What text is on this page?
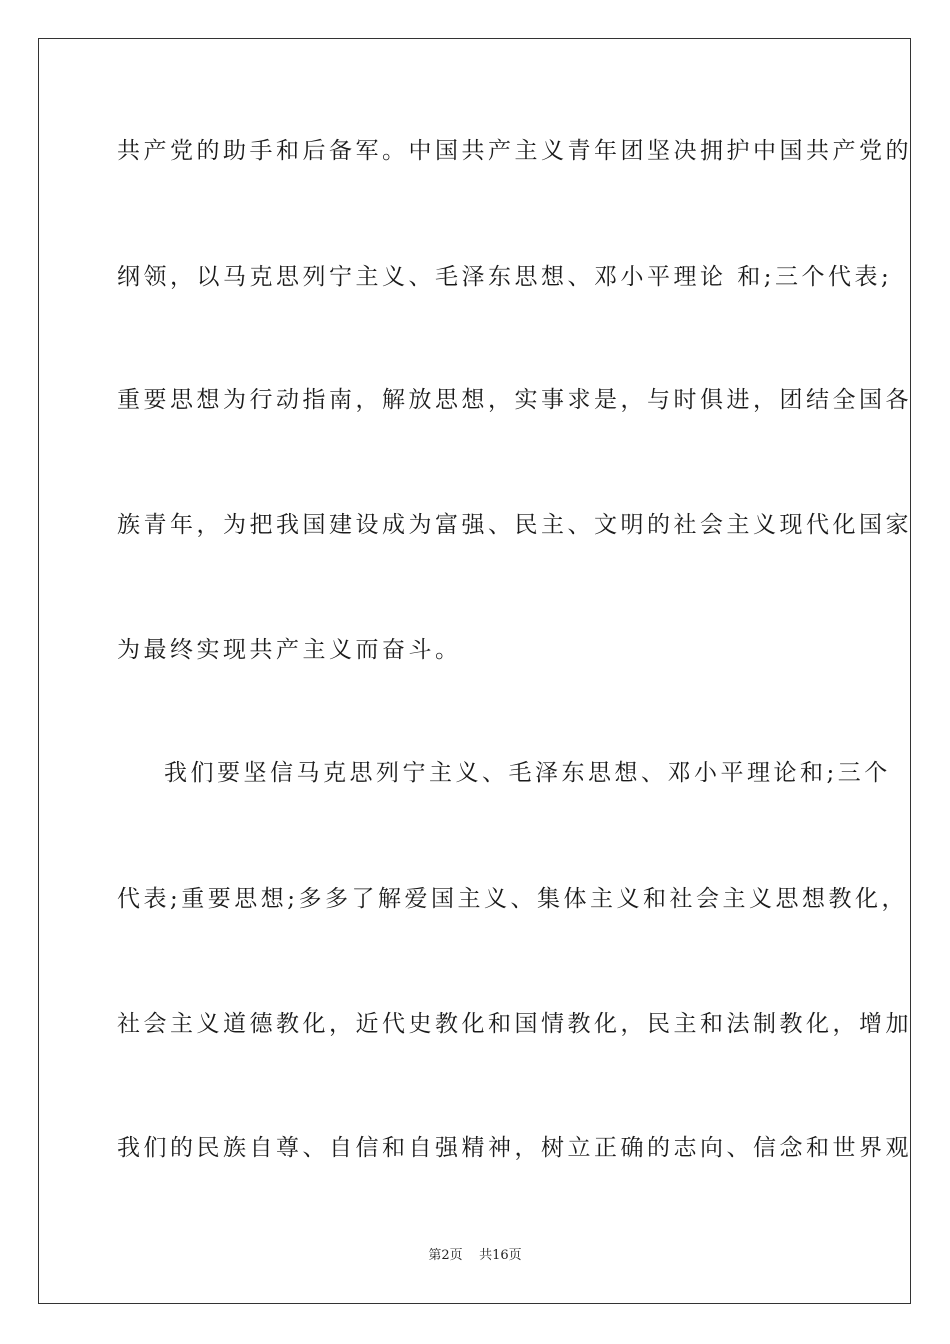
共产党的助手和后备军。中国共产主义青年团坚决拥护中国共产党的
纲领，以马克思列宁主义、毛泽东思想、邓小平理论 和;三个代表;
重要思想为行动指南，解放思想，实事求是，与时俱进，团结全国各
族青年，为把我国建设成为富强、民主、文明的社会主义现代化国家
为最终实现共产主义而奋斗。
我们要坚信马克思列宁主义、毛泽东思想、邓小平理论和;三个
代表;重要思想;多多了解爱国主义、集体主义和社会主义思想教化，
社会主义道德教化，近代史教化和国情教化，民主和法制教化，增加
我们的民族自尊、自信和自强精神，树立正确的志向、信念和世界观
第2页 共16页
